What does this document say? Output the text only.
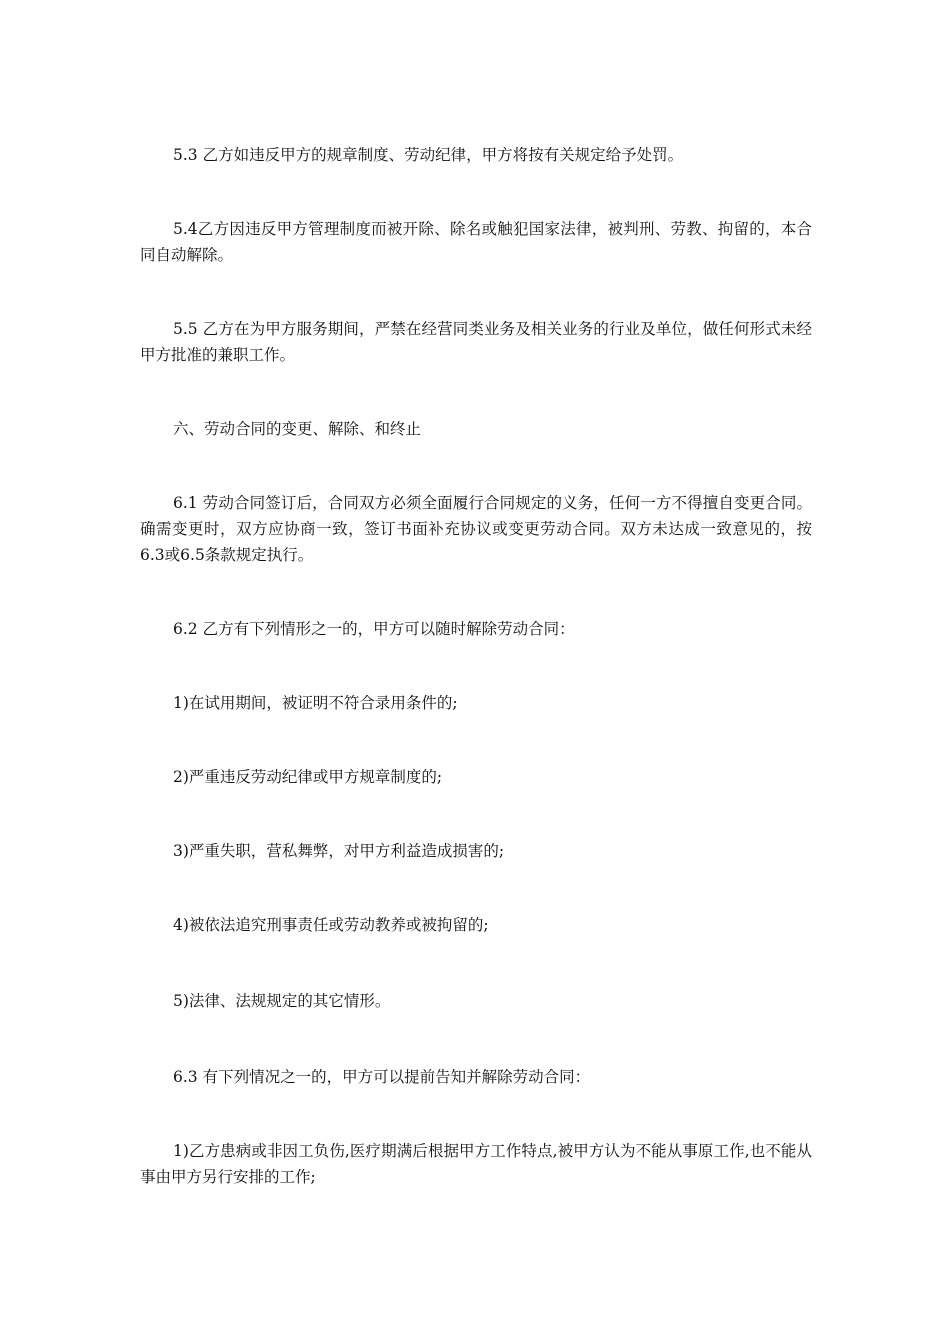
5.3 乙方如违反甲方的规章制度、劳动纪律，甲方将按有关规定给予处罚。

5.4乙方因违反甲方管理制度而被开除、除名或触犯国家法律，被判刑、劳教、拘留的，本合同自动解除。

5.5 乙方在为甲方服务期间，严禁在经营同类业务及相关业务的行业及单位，做任何形式未经甲方批准的兼职工作。

六、劳动合同的变更、解除、和终止

6.1 劳动合同签订后，合同双方必须全面履行合同规定的义务，任何一方不得擅自变更合同。确需变更时，双方应协商一致，签订书面补充协议或变更劳动合同。双方未达成一致意见的，按6.3或6.5条款规定执行。

6.2 乙方有下列情形之一的，甲方可以随时解除劳动合同：

1)在试用期间，被证明不符合录用条件的;

2)严重违反劳动纪律或甲方规章制度的;

3)严重失职，营私舞弊，对甲方利益造成损害的;

4)被依法追究刑事责任或劳动教养或被拘留的;

5)法律、法规规定的其它情形。

6.3 有下列情况之一的，甲方可以提前告知并解除劳动合同：

1)乙方患病或非因工负伤,医疗期满后根据甲方工作特点,被甲方认为不能从事原工作,也不能从事由甲方另行安排的工作;
